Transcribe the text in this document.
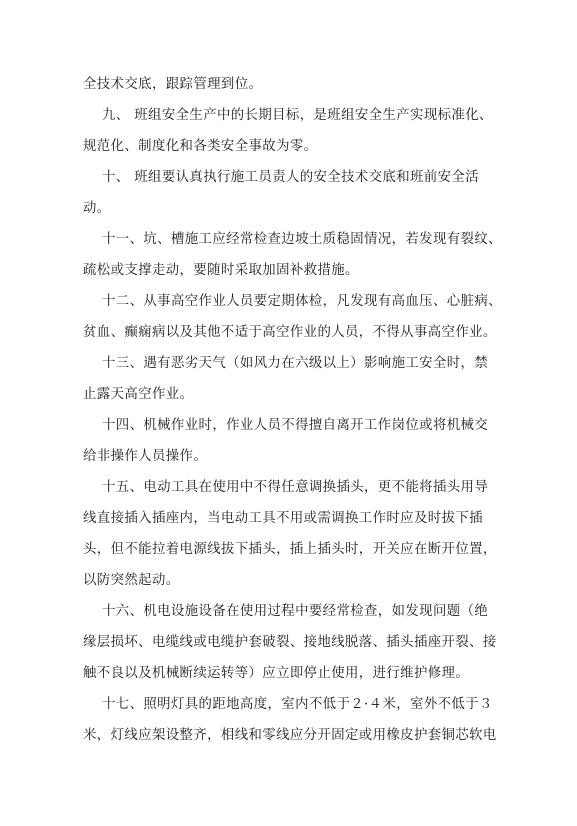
全技术交底，跟踪管理到位。
九、 班组安全生产中的长期目标，是班组安全生产实现标准化、
规范化、制度化和各类安全事故为零。
十、 班组要认真执行施工员责人的安全技术交底和班前安全活
动。
十一、坑、槽施工应经常检查边坡土质稳固情况，若发现有裂纹、
疏松或支撑走动，要随时采取加固补救措施。
十二、从事高空作业人员要定期体检，凡发现有高血压、心脏病、
贫血、癫痫病以及其他不适于高空作业的人员，不得从事高空作业。
十三、遇有恶劣天气（如风力在六级以上）影响施工安全时，禁
止露天高空作业。
十四、机械作业时，作业人员不得擅自离开工作岗位或将机械交
给非操作人员操作。
十五、电动工具在使用中不得任意调换插头，更不能将插头用导
线直接插入插座内，当电动工具不用或需调换工作时应及时拔下插
头，但不能拉着电源线拔下插头，插上插头时，开关应在断开位置，
以防突然起动。
十六、机电设施设备在使用过程中要经常检查，如发现问题（绝
缘层损坏、电缆线或电缆护套破裂、接地线脱落、插头插座开裂、接
触不良以及机械断续运转等）应立即停止使用，进行维护修理。
十七、照明灯具的距地高度，室内不低于２·４米，室外不低于３
米，灯线应架设整齐，相线和零线应分开固定或用橡皮护套铜芯软电
